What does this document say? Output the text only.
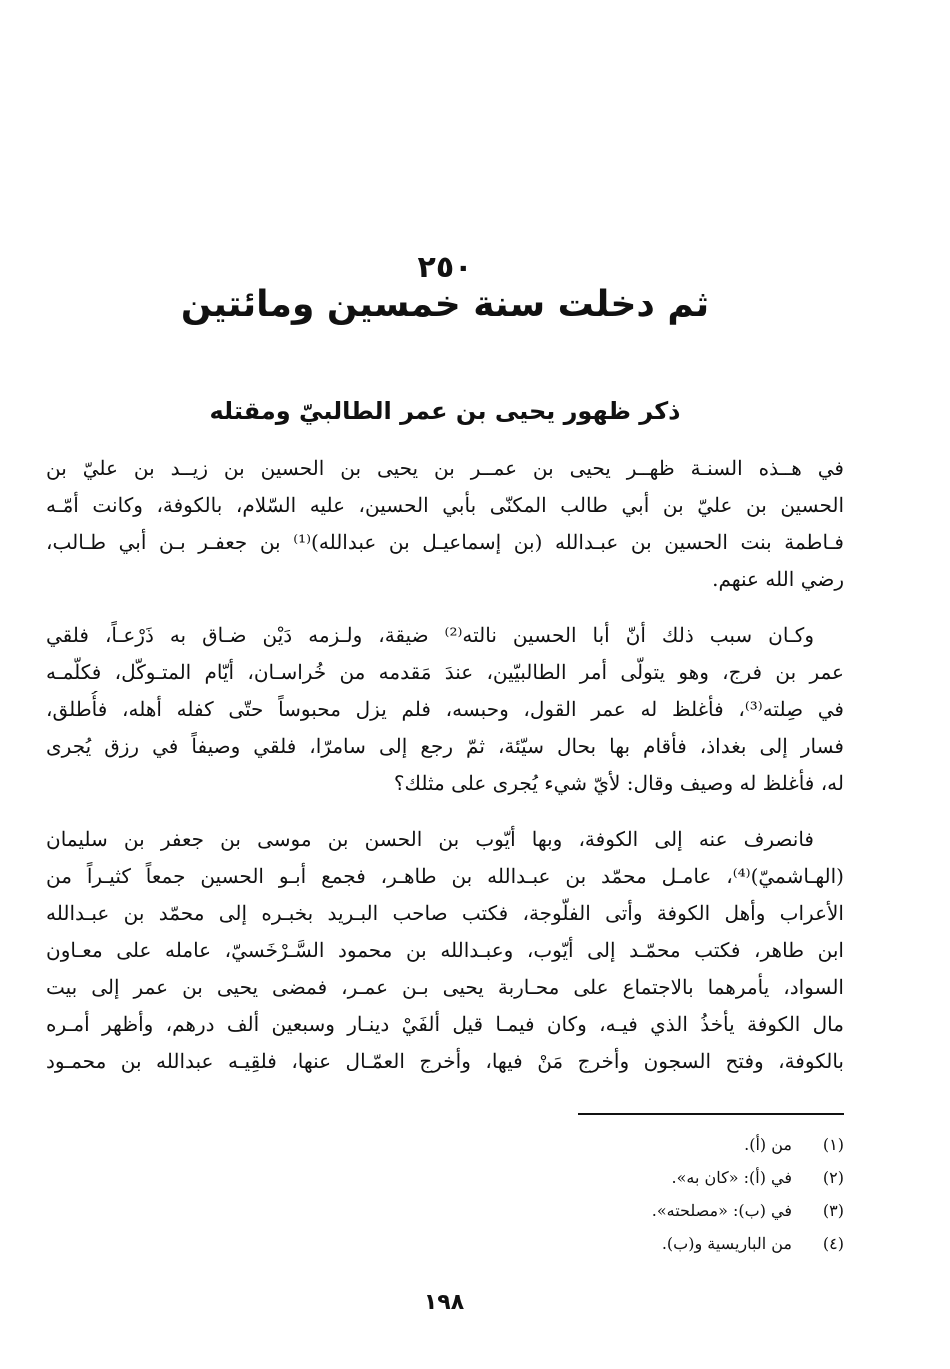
٢٥٠
ثم دخلت سنة خمسين ومائتين
ذكر ظهور يحيى بن عمر الطالبيّ ومقتله
في هــذه السنـة ظهــر يحيى بن عمــر بن يحيى بن الحسين بن زيــد بن عليّ بن
الحسين بن عليّ بن أبي طالب المكنّى بأبي الحسين، عليه السّلام، بالكوفة، وكانت أمّـه
فـاطمة بنت الحسين بن عبـدالله (بن إسماعيـل بن عبدالله)⁽¹⁾ بن جعفـر بـن أبي طـالب،
رضي الله عنهم.
وكـان سبب ذلك أنّ أبا الحسين نالته⁽²⁾ ضيقة، ولـزمه دَيْن ضـاق به ذَرْعـاً، فلقي
عمر بن فرج، وهو يتولّى أمر الطالبيّين، عندَ مَقدمه من خُراسـان، أيّام المتـوكّل، فكلّمـه
في صِلته⁽³⁾، فأغلظ له عمر القول، وحبسه، فلم يزل محبوساً حتّى كفله أهله، فأُطلق،
فسار إلى بغداذ، فأقام بها بحال سيّئة، ثمّ رجع إلى سامرّا، فلقي وصيفاً في رزق يُجرى
له، فأغلظ له وصيف وقال: لأيّ شيء يُجرى على مثلك؟
فانصرف عنه إلى الكوفة، وبها أيّوب بن الحسن بن موسى بن جعفر بن سليمان
(الهـاشميّ)⁽⁴⁾، عامـل محمّد بن عبـدالله بن طاهـر، فجمع أبـو الحسين جمعاً كثيـراً من
الأعراب وأهل الكوفة وأتى الفلّوجة، فكتب صاحب البـريد بخبـره إلى محمّد بن عبـدالله
ابن طاهر، فكتب محمّـد إلى أيّوب، وعبـدالله بن محمود السَّـرْخَسيّ، عامله على معـاون
السواد، يأمرهما بالاجتماع على محـاربة يحيى بـن عمـر، فمضى يحيى بن عمر إلى بيت
مال الكوفة يأخذُ الذي فيـه، وكان فيمـا قيل ألفَيْ دينـار وسبعين ألف درهم، وأظهر أمـره
بالكوفة، وفتح السجون وأخرج مَنْ فيها، وأخرج العمّـال عنها، فلقِيـه عبدالله بن محمـود
(١)من (أ).
(٢)في (أ): «كان به».
(٣)في (ب): «مصلحته».
(٤)من الباريسية و(ب).
١٩٨
